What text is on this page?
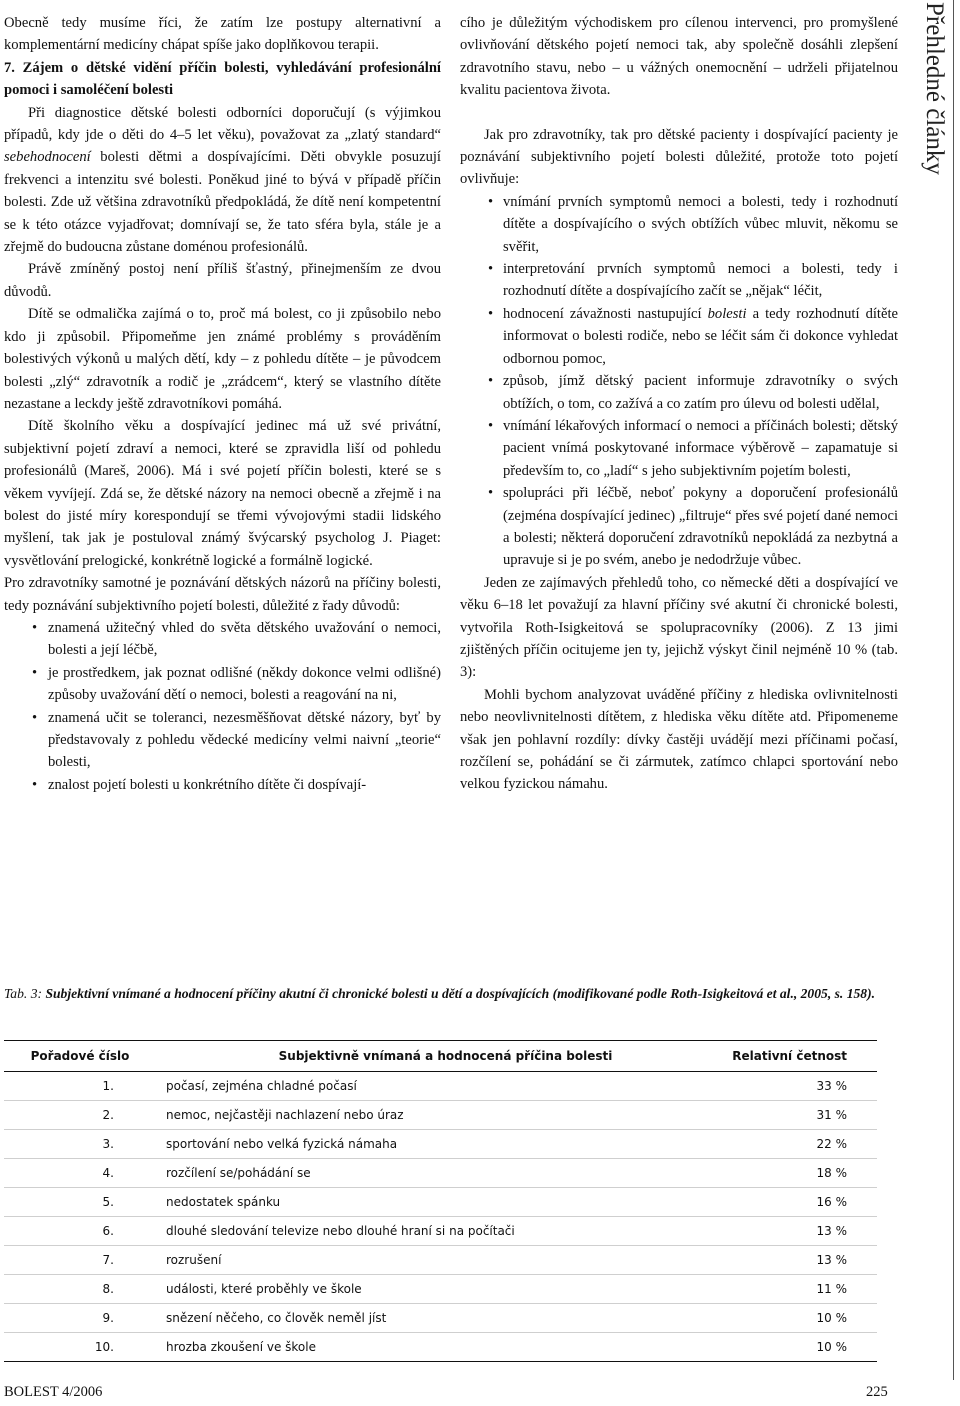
Přehledné články

Obecně tedy musíme říci, že zatím lze postupy alternativní a komplementární medicíny chápat spíše jako doplňkovou terapii.

7. Zájem o dětské vidění příčin bolesti, vyhledávání profesionální pomoci i samoléčení bolesti

Při diagnostice dětské bolesti odborníci doporučují (s výjimkou případů, kdy jde o děti do 4–5 let věku), považovat za „zlatý standard“ sebehodnocení bolesti dětmi a dospívajícími. Děti obvykle posuzují frekvenci a intenzitu své bolesti. Poněkud jiné to bývá v případě příčin bolesti. Zde už většina zdravotníků předpokládá, že dítě není kompetentní se k této otázce vyjadřovat; domnívají se, že tato sféra byla, stále je a zřejmě do budoucna zůstane doménou profesionálů.

Právě zmíněný postoj není příliš šťastný, přinejmenším ze dvou důvodů.

Dítě se odmalička zajímá o to, proč má bolest, co ji způsobilo nebo kdo ji způsobil. Připomeňme jen známé problémy s prováděním bolestivých výkonů u malých dětí, kdy – z pohledu dítěte – je původcem bolesti „zlý“ zdravotník a rodič je „zrádcem“, který se vlastního dítěte nezastane a leckdy ještě zdravotníkovi pomáhá.

Dítě školního věku a dospívající jedinec má už své privátní, subjektivní pojetí zdraví a nemoci, které se zpravidla liší od pohledu profesionálů (Mareš, 2006). Má i své pojetí příčin bolesti, které se s věkem vyvíjejí. Zdá se, že dětské názory na nemoci obecně a zřejmě i na bolest do jisté míry korespondují se třemi vývojovými stadii lidského myšlení, tak jak je postuloval známý švýcarský psycholog J. Piaget: vysvětlování prelogické, konkrétně logické a formálně logické.

Pro zdravotníky samotné je poznávání dětských názorů na příčiny bolesti, tedy poznávání subjektivního pojetí bolesti, důležité z řady důvodů:

• znamená užitečný vhled do světa dětského uvažování o nemoci, bolesti a její léčbě,
• je prostředkem, jak poznat odlišné (někdy dokonce velmi odlišné) způsoby uvažování dětí o nemoci, bolesti a reagování na ni,
• znamená učit se toleranci, nezesměšňovat dětské názory, byť by představovaly z pohledu vědecké medicíny velmi naivní „teorie“ bolesti,
• znalost pojetí bolesti u konkrétního dítěte či dospívají-

cího je důležitým východiskem pro cílenou intervenci, pro promyšlené ovlivňování dětského pojetí nemoci tak, aby společně dosáhli zlepšení zdravotního stavu, nebo – u vážných onemocnění – udrželi přijatelnou kvalitu pacientova života.

Jak pro zdravotníky, tak pro dětské pacienty i dospívající pacienty je poznávání subjektivního pojetí bolesti důležité, protože toto pojetí ovlivňuje:

• vnímání prvních symptomů nemoci a bolesti, tedy i rozhodnutí dítěte a dospívajícího o svých obtížích vůbec mluvit, někomu se svěřit,
• interpretování prvních symptomů nemoci a bolesti, tedy i rozhodnutí dítěte a dospívajícího začít se „nějak“ léčit,
• hodnocení závažnosti nastupující bolesti a tedy rozhodnutí dítěte informovat o bolesti rodiče, nebo se léčit sám či dokonce vyhledat odbornou pomoc,
• způsob, jímž dětský pacient informuje zdravotníky o svých obtížích, o tom, co zažívá a co zatím pro úlevu od bolesti udělal,
• vnímání lékařových informací o nemoci a příčinách bolesti; dětský pacient vnímá poskytované informace výběrově – zapamatuje si především to, co „ladí“ s jeho subjektivním pojetím bolesti,
• spolupráci při léčbě, neboť pokyny a doporučení profesionálů (zejména dospívající jedinec) „filtruje“ přes své pojetí dané nemoci a bolesti; některá doporučení zdravotníků nepokládá za nezbytná a upravuje si je po svém, anebo je nedodržuje vůbec.

Jeden ze zajímavých přehledů toho, co německé děti a dospívající ve věku 6–18 let považují za hlavní příčiny své akutní či chronické bolesti, vytvořila Roth-Isigkeitová se spolupracovníky (2006). Z 13 jimi zjištěných příčin ocitujeme jen ty, jejichž výskyt činil nejméně 10 % (tab. 3):

Mohli bychom analyzovat uváděné příčiny z hlediska ovlivnitelnosti nebo neovlivnitelnosti dítětem, z hlediska věku dítěte atd. Připomeneme však jen pohlavní rozdíly: dívky častěji uvádějí mezi příčinami počasí, rozčílení se, pohádání se či zármutek, zatímco chlapci sportování nebo velkou fyzickou námahu.

Tab. 3: Subjektivní vnímané a hodnocení příčiny akutní či chronické bolesti u dětí a dospívajících (modifikované podle Roth-Isigkeitová et al., 2005, s. 158).
Pořadové číslo	Subjektivně vnímaná a hodnocená příčina bolesti	Relativní četnost
1.	počasí, zejména chladné počasí	33 %
2.	nemoc, nejčastěji nachlazení nebo úraz	31 %
3.	sportování nebo velká fyzická námaha	22 %
4.	rozčílení se/pohádání se	18 %
5.	nedostatek spánku	16 %
6.	dlouhé sledování televize nebo dlouhé hraní si na počítači	13 %
7.	rozrušení	13 %
8.	události, které proběhly ve škole	11 %
9.	snězení něčeho, co člověk neměl jíst	10 %
10.	hrozba zkoušení ve škole	10 %
BOLEST 4/2006	225
